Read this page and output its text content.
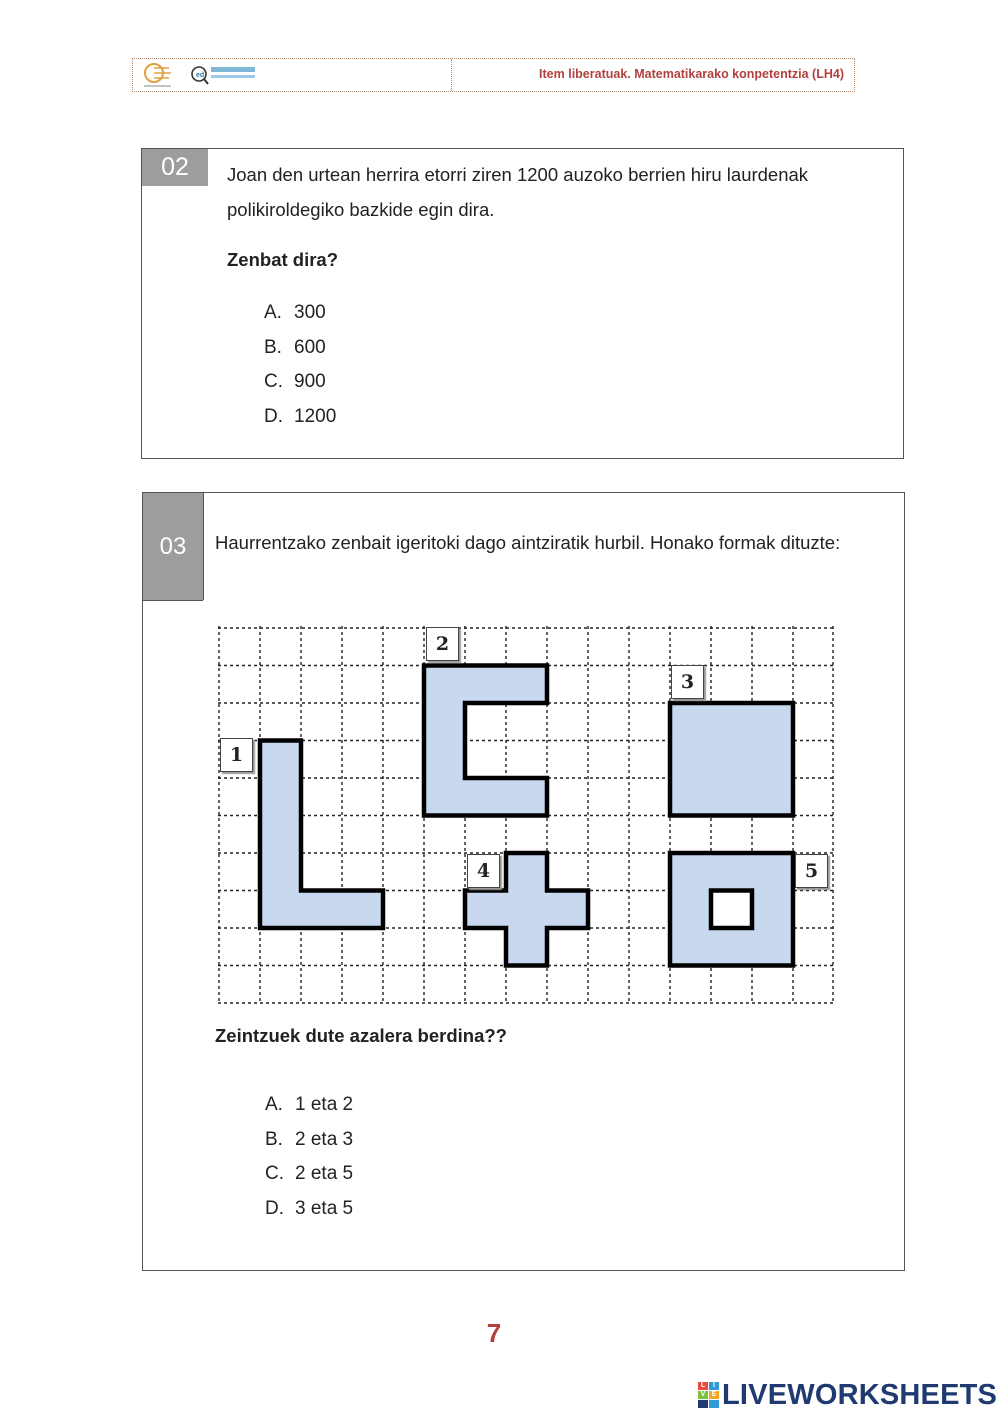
ed	Item liberatuak. Matematikarako konpetentzia (LH4)
02	Joan den urtean herrira etorri ziren 1200 auzoko berrien hiru laurdenak polikiroldegiko bazkide egin dira.
Zenbat dira?
A. 300
B. 600
C. 900
D. 1200
03	Haurrentzako zenbait igeritoki dago aintziratik hurbil. Honako formak dituzte:
1
2
3
4	5
Zeintzuek dute azalera berdina??
A. 1 eta 2
B. 2 eta 3
C. 2 eta 5
D. 3 eta 5
7
L	I
V E LIVEWORKSHEETS
